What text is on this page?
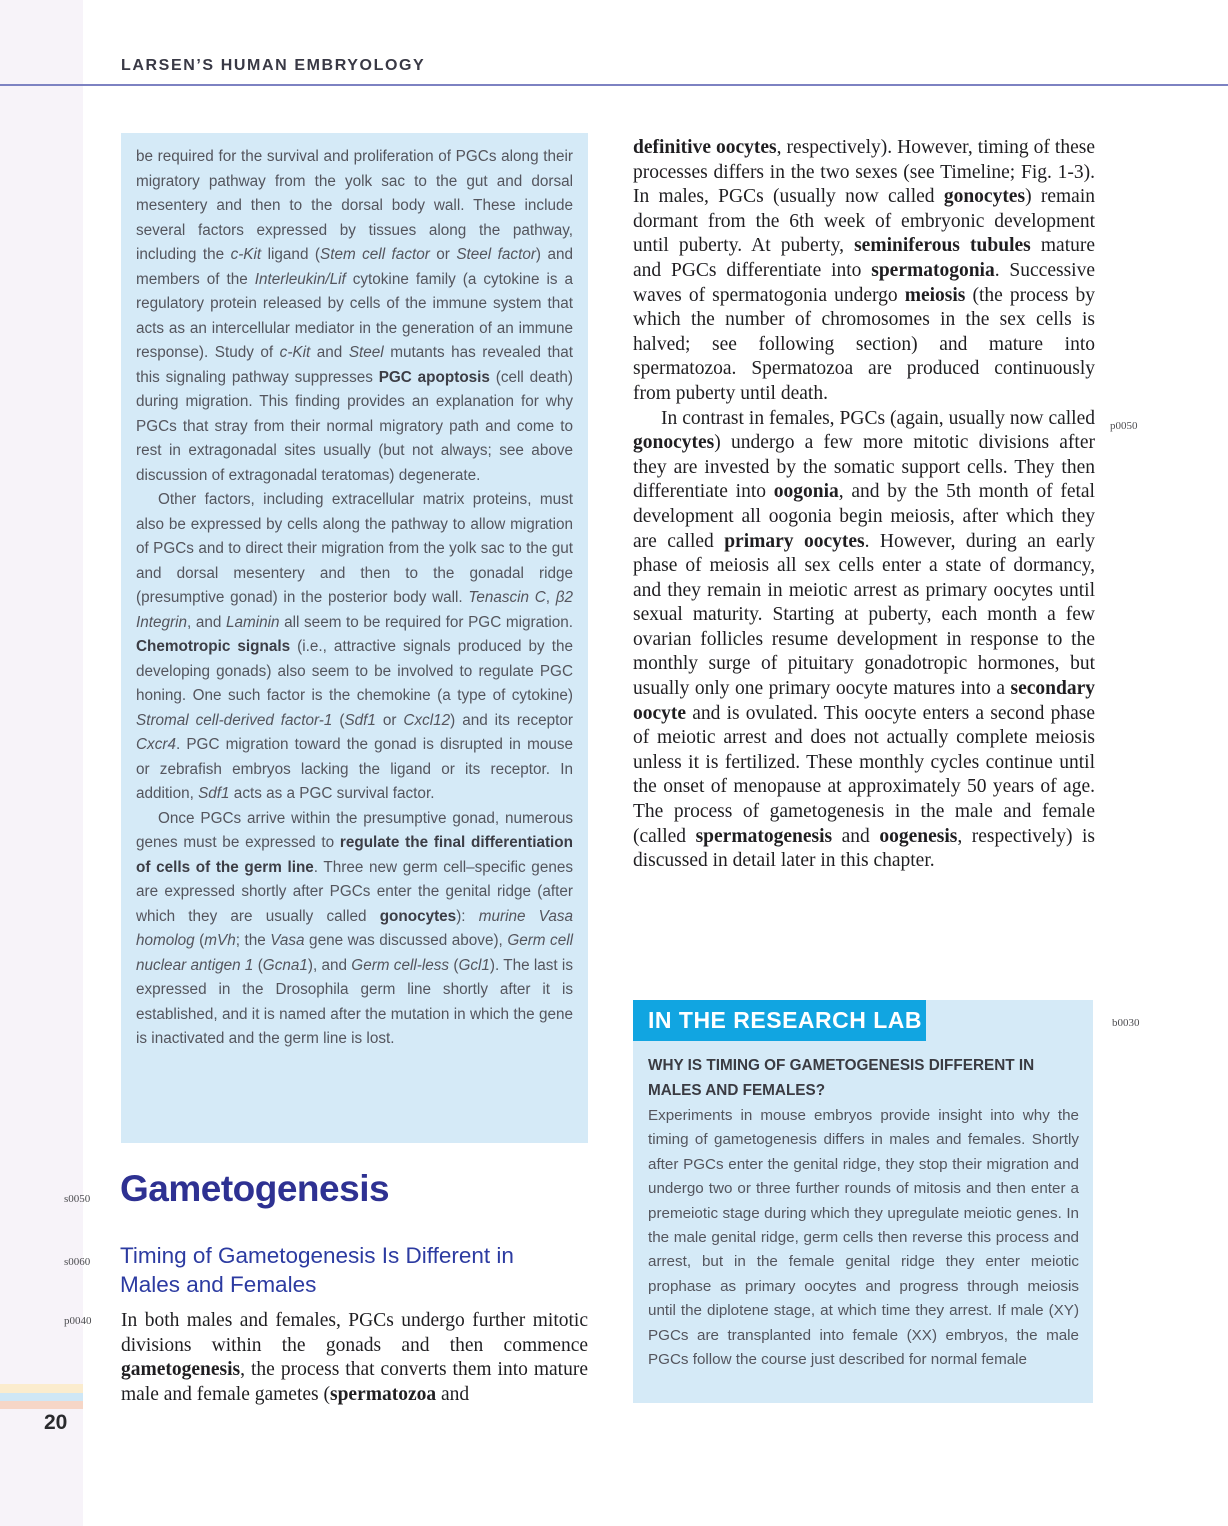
LARSEN’S HUMAN EMBRYOLOGY

be required for the survival and proliferation of PGCs along their migratory pathway from the yolk sac to the gut and dorsal mesentery and then to the dorsal body wall. These include several factors expressed by tissues along the pathway, including the c-Kit ligand (Stem cell factor or Steel factor) and members of the Interleukin/Lif cytokine family (a cytokine is a regulatory protein released by cells of the immune system that acts as an intercellular mediator in the generation of an immune response). Study of c-Kit and Steel mutants has revealed that this signaling pathway suppresses PGC apoptosis (cell death) during migration. This finding provides an explanation for why PGCs that stray from their normal migratory path and come to rest in extragonadal sites usually (but not always; see above discussion of extragonadal teratomas) degenerate.

Other factors, including extracellular matrix proteins, must also be expressed by cells along the pathway to allow migration of PGCs and to direct their migration from the yolk sac to the gut and dorsal mesentery and then to the gonadal ridge (presumptive gonad) in the posterior body wall. Tenascin C, β2 Integrin, and Laminin all seem to be required for PGC migration. Chemotropic signals (i.e., attractive signals produced by the developing gonads) also seem to be involved to regulate PGC honing. One such factor is the chemokine (a type of cytokine) Stromal cell-derived factor-1 (Sdf1 or Cxcl12) and its receptor Cxcr4. PGC migration toward the gonad is disrupted in mouse or zebrafish embryos lacking the ligand or its receptor. In addition, Sdf1 acts as a PGC survival factor.

Once PGCs arrive within the presumptive gonad, numerous genes must be expressed to regulate the final differentiation of cells of the germ line. Three new germ cell–specific genes are expressed shortly after PGCs enter the genital ridge (after which they are usually called gonocytes): murine Vasa homolog (mVh; the Vasa gene was discussed above), Germ cell nuclear antigen 1 (Gcna1), and Germ cell-less (Gcl1). The last is expressed in the Drosophila germ line shortly after it is established, and it is named after the mutation in which the gene is inactivated and the germ line is lost.

s0050 Gametogenesis
s0060 Timing of Gametogenesis Is Different in Males and Females
p0040 In both males and females, PGCs undergo further mitotic divisions within the gonads and then commence gametogenesis, the process that converts them into mature male and female gametes (spermatozoa and

definitive oocytes, respectively). However, timing of these processes differs in the two sexes (see Timeline; Fig. 1-3). In males, PGCs (usually now called gonocytes) remain dormant from the 6th week of embryonic development until puberty. At puberty, seminiferous tubules mature and PGCs differentiate into spermatogonia. Successive waves of spermatogonia undergo meiosis (the process by which the number of chromosomes in the sex cells is halved; see following section) and mature into spermatozoa. Spermatozoa are produced continuously from puberty until death.

In contrast in females, PGCs (again, usually now called gonocytes) undergo a few more mitotic divisions after they are invested by the somatic support cells. They then differentiate into oogonia, and by the 5th month of fetal development all oogonia begin meiosis, after which they are called primary oocytes. However, during an early phase of meiosis all sex cells enter a state of dormancy, and they remain in meiotic arrest as primary oocytes until sexual maturity. Starting at puberty, each month a few ovarian follicles resume development in response to the monthly surge of pituitary gonadotropic hormones, but usually only one primary oocyte matures into a secondary oocyte and is ovulated. This oocyte enters a second phase of meiotic arrest and does not actually complete meiosis unless it is fertilized. These monthly cycles continue until the onset of menopause at approximately 50 years of age. The process of gametogenesis in the male and female (called spermatogenesis and oogenesis, respectively) is discussed in detail later in this chapter.

p0050
IN THE RESEARCH LAB
WHY IS TIMING OF GAMETOGENESIS DIFFERENT IN MALES AND FEMALES?
Experiments in mouse embryos provide insight into why the timing of gametogenesis differs in males and females. Shortly after PGCs enter the genital ridge, they stop their migration and undergo two or three further rounds of mitosis and then enter a premeiotic stage during which they upregulate meiotic genes. In the male genital ridge, germ cells then reverse this process and arrest, but in the female genital ridge they enter meiotic prophase as primary oocytes and progress through meiosis until the diplotene stage, at which time they arrest. If male (XY) PGCs are transplanted into female (XX) embryos, the male PGCs follow the course just described for normal female
b0030
20
